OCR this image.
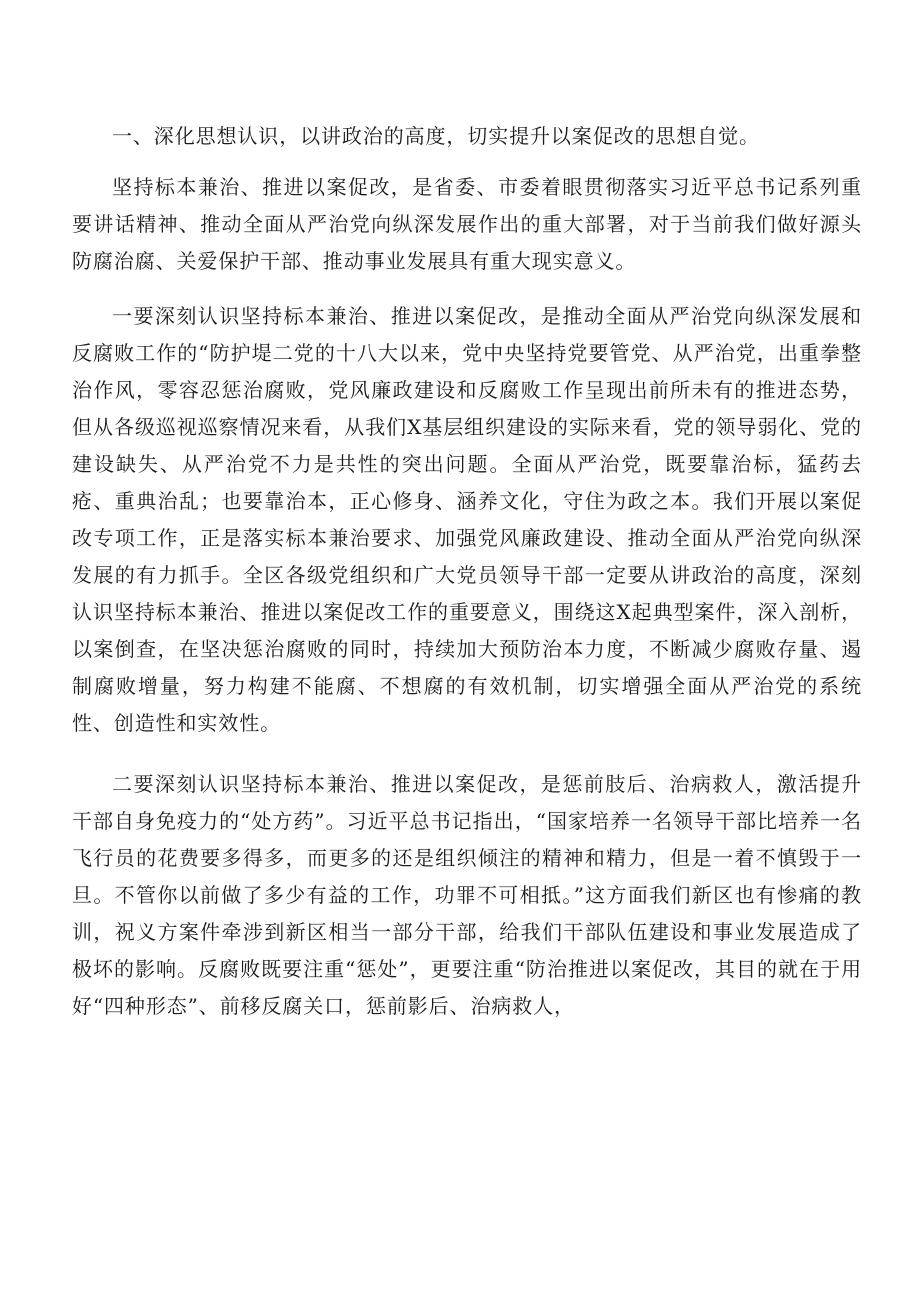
一、深化思想认识，以讲政治的高度，切实提升以案促改的思想自觉。

坚持标本兼治、推进以案促改，是省委、市委着眼贯彻落实习近平总书记系列重要讲话精神、推动全面从严治党向纵深发展作出的重大部署，对于当前我们做好源头防腐治腐、关爱保护干部、推动事业发展具有重大现实意义。

一要深刻认识坚持标本兼治、推进以案促改，是推动全面从严治党向纵深发展和反腐败工作的“防护堤二党的十八大以来，党中央坚持党要管党、从严治党，出重拳整治作风，零容忍惩治腐败，党风廉政建设和反腐败工作呈现出前所未有的推进态势，但从各级巡视巡察情况来看，从我们X基层组织建设的实际来看，党的领导弱化、党的建设缺失、从严治党不力是共性的突出问题。全面从严治党，既要靠治标，猛药去疮、重典治乱；也要靠治本，正心修身、涵养文化，守住为政之本。我们开展以案促改专项工作，正是落实标本兼治要求、加强党风廉政建设、推动全面从严治党向纵深发展的有力抓手。全区各级党组织和广大党员领导干部一定要从讲政治的高度，深刻认识坚持标本兼治、推进以案促改工作的重要意义，围绕这X起典型案件，深入剖析，以案倒查，在坚决惩治腐败的同时，持续加大预防治本力度，不断减少腐败存量、遏制腐败增量，努力构建不能腐、不想腐的有效机制，切实增强全面从严治党的系统性、创造性和实效性。

二要深刻认识坚持标本兼治、推进以案促改，是惩前肢后、治病救人，激活提升干部自身免疫力的“处方药”。习近平总书记指出，“国家培养一名领导干部比培养一名飞行员的花费要多得多，而更多的还是组织倾注的精神和精力，但是一着不慎毁于一旦。不管你以前做了多少有益的工作，功罪不可相抵。”这方面我们新区也有惨痛的教训，祝义方案件牵涉到新区相当一部分干部，给我们干部队伍建设和事业发展造成了极坏的影响。反腐败既要注重“惩处”，更要注重“防治推进以案促改，其目的就在于用好“四种形态”、前移反腐关口，惩前影后、治病救人，
